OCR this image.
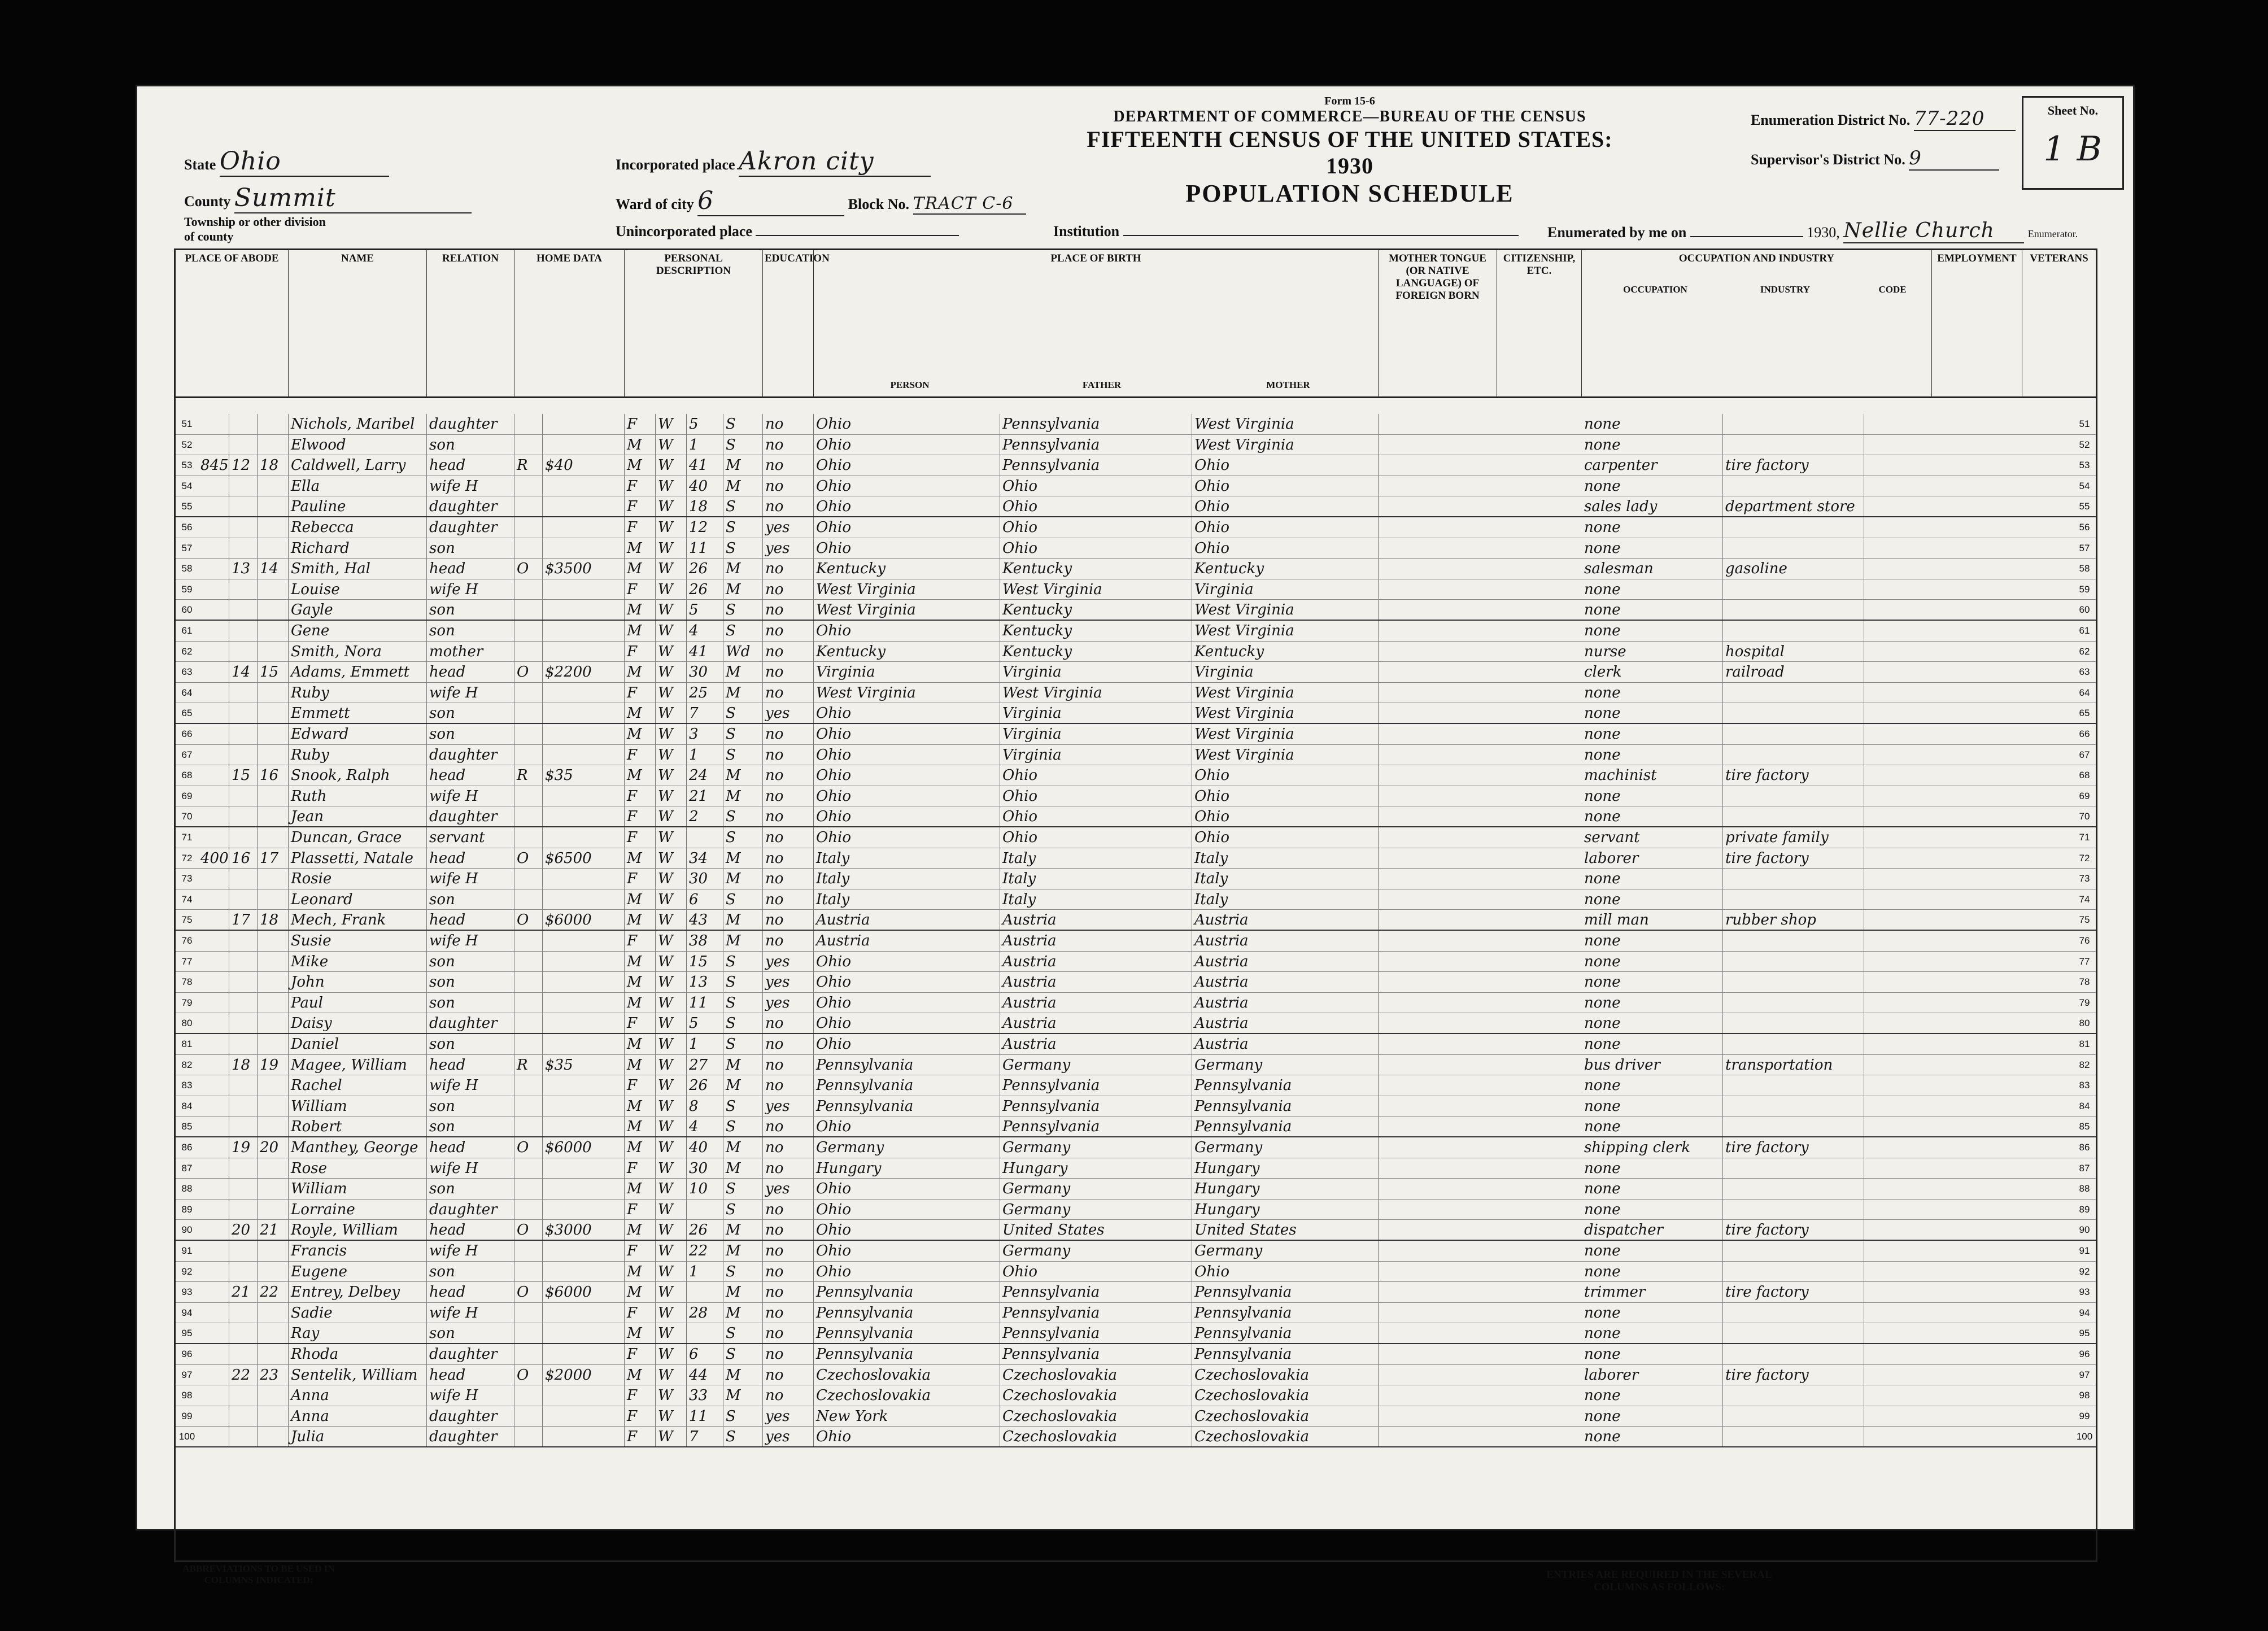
State Ohio
County Summit
Township or other division of county
Incorporated place Akron city
Ward of city 6	Block No. TRACT C-6
Unincorporated place
Form 15-6
DEPARTMENT OF COMMERCE—BUREAU OF THE CENSUS
FIFTEENTH CENSUS OF THE UNITED STATES: 1930
POPULATION SCHEDULE
Institution
Enumeration District No. 77-220
Supervisor's District No. 9
Enumerated by me on	1930, Nellie Church	Enumerator.
Sheet No.
1 B
PLACE OF ABODE	NAME	RELATION	HOME DATA	PERSONAL DESCRIPTION
EDUCATION	PLACE OF BIRTH
PERSON	FATHER	MOTHER
MOTHER TONGUE (OR NATIVE LANGUAGE) OF FOREIGN BORN
CITIZENSHIP, ETC.
OCCUPATION AND INDUSTRY
OCCUPATION	INDUSTRY	CODE
EMPLOYMENT	VETERANS
51	Nichols, Maribel daughter	F	W	5	S	no	Ohio	Pennsylvania	West Virginia	none	51
52	Elwood	son	M	W	1	S	no	Ohio	Pennsylvania	West Virginia	none	52
53 845 12 18 Caldwell, Larry	head	R	$40	M	W	41	M	no	Ohio	Pennsylvania	Ohio	carpenter	tire factory	53
54	Ella	wife H	F	W	40	M	no	Ohio	Ohio	Ohio	none	54
55	Pauline	daughter	F	W	18	S	no	Ohio	Ohio	Ohio	sales lady	department store	55
56	Rebecca	daughter	F	W	12	S	yes	Ohio	Ohio	Ohio	none	56
57	Richard	son	M	W	11	S	yes	Ohio	Ohio	Ohio	none	57
58	13 14 Smith, Hal	head	O	$3500	M	W	26	M	no	Kentucky	Kentucky	Kentucky	salesman	gasoline	58
59	Louise	wife H	F	W	26	M	no	West Virginia	West Virginia	Virginia	none	59
60	Gayle	son	M	W	5	S	no	West Virginia	Kentucky	West Virginia	none	60
61	Gene	son	M	W	4	S	no	Ohio	Kentucky	West Virginia	none	61
62	Smith, Nora	mother	F	W	41	Wd	no	Kentucky	Kentucky	Kentucky	nurse	hospital	62
63	14 15 Adams, Emmett	head	O	$2200	M	W	30	M	no	Virginia	Virginia	Virginia	clerk	railroad	63
64	Ruby	wife H	F	W	25	M	no	West Virginia	West Virginia	West Virginia	none	64
65	Emmett	son	M	W	7	S	yes	Ohio	Virginia	West Virginia	none	65
66	Edward	son	M	W	3	S	no	Ohio	Virginia	West Virginia	none	66
67	Ruby	daughter	F	W	1	S	no	Ohio	Virginia	West Virginia	none	67
68	15 16 Snook, Ralph	head	R	$35	M	W	24	M	no	Ohio	Ohio	Ohio	machinist	tire factory	68
69	Ruth	wife H	F	W	21	M	no	Ohio	Ohio	Ohio	none	69
70	Jean	daughter	F	W	2	S	no	Ohio	Ohio	Ohio	none	70
71	Duncan, Grace	servant	F	W	S	no	Ohio	Ohio	Ohio	servant	private family	71
72 400 16 17 Plassetti, Natale	head	O	$6500	M	W	34	M	no	Italy	Italy	Italy	laborer	tire factory	72
73	Rosie	wife H	F	W	30	M	no	Italy	Italy	Italy	none	73
74	Leonard	son	M	W	6	S	no	Italy	Italy	Italy	none	74
75	17 18 Mech, Frank	head	O	$6000	M	W	43	M	no	Austria	Austria	Austria	mill man	rubber shop	75
76	Susie	wife H	F	W	38	M	no	Austria	Austria	Austria	none	76
77	Mike	son	M	W	15	S	yes	Ohio	Austria	Austria	none	77
78	John	son	M	W	13	S	yes	Ohio	Austria	Austria	none	78
79	Paul	son	M	W	11	S	yes	Ohio	Austria	Austria	none	79
80	Daisy	daughter	F	W	5	S	no	Ohio	Austria	Austria	none	80
81	Daniel	son	M	W	1	S	no	Ohio	Austria	Austria	none	81
82	18 19 Magee, William	head	R	$35	M	W	27	M	no	Pennsylvania	Germany	Germany	bus driver	transportation	82
83	Rachel	wife H	F	W	26	M	no	Pennsylvania	Pennsylvania	Pennsylvania	none	83
84	William	son	M	W	8	S	yes	Pennsylvania	Pennsylvania	Pennsylvania	none	84
85	Robert	son	M	W	4	S	no	Ohio	Pennsylvania	Pennsylvania	none	85
86	19 20 Manthey, George head	O	$6000	M	W	40	M	no	Germany	Germany	Germany	shipping clerk	tire factory	86
87	Rose	wife H	F	W	30	M	no	Hungary	Hungary	Hungary	none	87
88	William	son	M	W	10	S	yes	Ohio	Germany	Hungary	none	88
89	Lorraine	daughter	F	W	S	no	Ohio	Germany	Hungary	none	89
90	20 21 Royle, William	head	O	$3000	M	W	26	M	no	Ohio	United States	United States	dispatcher	tire factory	90
91	Francis	wife H	F	W	22	M	no	Ohio	Germany	Germany	none	91
92	Eugene	son	M	W	1	S	no	Ohio	Ohio	Ohio	none	92
93	21 22 Entrey, Delbey	head	O	$6000	M	W	M	no	Pennsylvania	Pennsylvania	Pennsylvania	trimmer	tire factory	93
94	Sadie	wife H	F	W	28	M	no	Pennsylvania	Pennsylvania	Pennsylvania	none	94
95	Ray	son	M	W	S	no	Pennsylvania	Pennsylvania	Pennsylvania	none	95
96	Rhoda	daughter	F	W	6	S	no	Pennsylvania	Pennsylvania	Pennsylvania	none	96
97	22 23 Sentelik, William head	O	$2000	M	W	44	M	no	Czechoslovakia	Czechoslovakia	Czechoslovakia	laborer	tire factory	97
98	Anna	wife H	F	W	33	M	no	Czechoslovakia	Czechoslovakia	Czechoslovakia	none	98
99	Anna	daughter	F	W	11	S	yes	New York	Czechoslovakia	Czechoslovakia	none	99
100	Julia	daughter	F	W	7	S	yes	Ohio	Czechoslovakia	Czechoslovakia	none	100
ABBREVIATIONS TO BE USED IN COLUMNS INDICATED:	ENTRIES ARE REQUIRED IN THE SEVERAL COLUMNS AS FOLLOWS:
